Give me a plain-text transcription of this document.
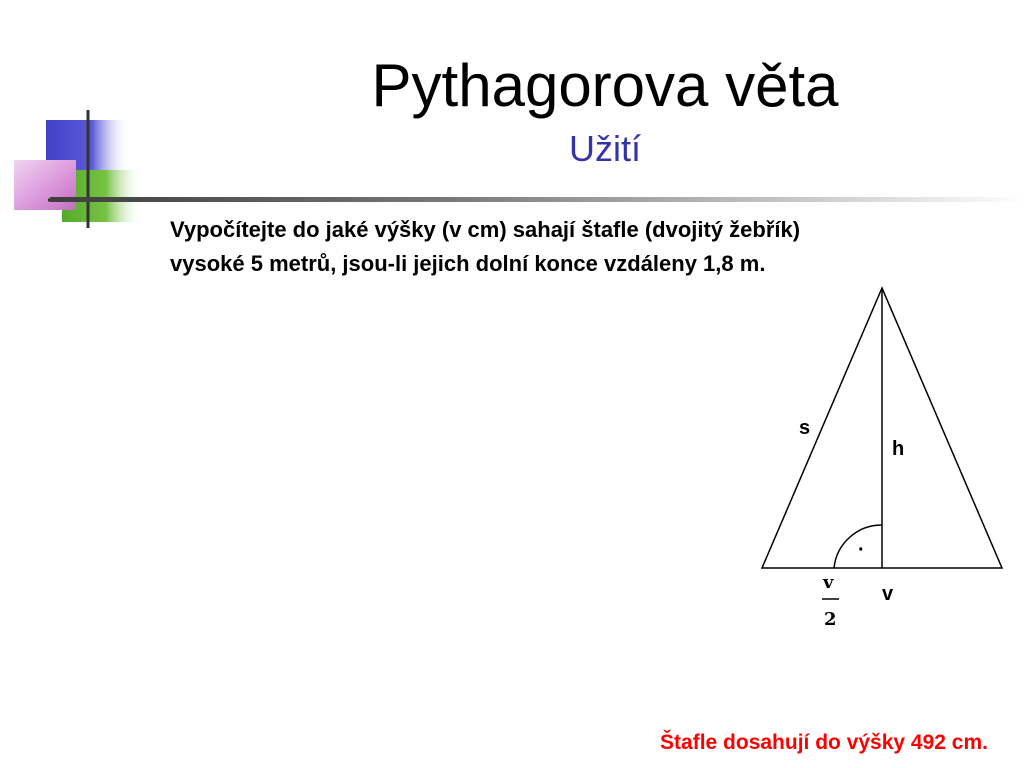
Pythagorova věta
Užití
Vypočítejte do jaké výšky (v cm) sahají štafle (dvojitý žebřík)
vysoké 5 metrů, jsou-li jejich dolní konce vzdáleny 1,8 m.
·
s
h
v
v
2
Štafle dosahují do výšky 492 cm.
